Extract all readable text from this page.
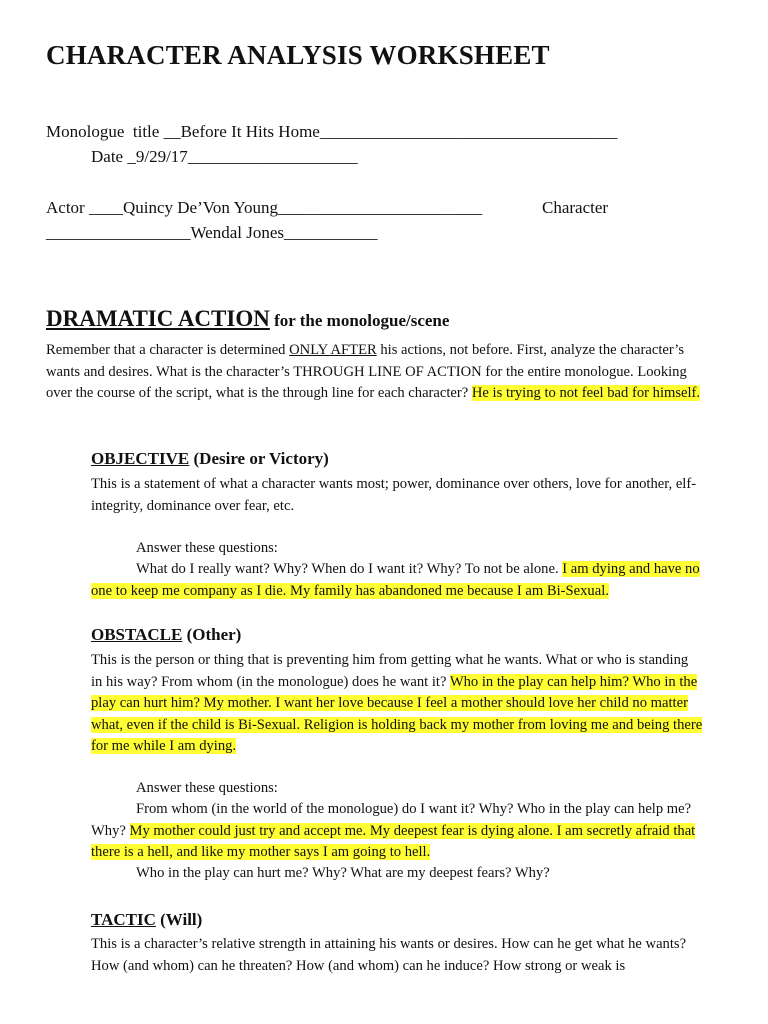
CHARACTER ANALYSIS WORKSHEET
Monologue  title __Before It Hits Home___________________________________
Date _9/29/17____________________
Actor ____Quincy De’Von Young________________________	Character
_________________Wendal Jones___________
DRAMATIC ACTION for the monologue/scene
Remember that a character is determined ONLY AFTER his actions, not before. First, analyze the character’s wants and desires. What is the character’s THROUGH LINE OF ACTION for the entire monologue. Looking over the course of the script, what is the through line for each character? He is trying to not feel bad for himself.
OBJECTIVE (Desire or Victory)
This is a statement of what a character wants most; power, dominance over others, love for another, elf-integrity, dominance over fear, etc.
Answer these questions:
What do I really want? Why? When do I want it? Why? To not be alone. I am dying and have no one to keep me company as I die. My family has abandoned me because I am Bi-Sexual.
OBSTACLE (Other)
This is the person or thing that is preventing him from getting what he wants. What or who is standing in his way? From whom (in the monologue) does he want it? Who in the play can help him? Who in the play can hurt him? My mother. I want her love because I feel a mother should love her child no matter what, even if the child is Bi-Sexual. Religion is holding back my mother from loving me and being there for me while I am dying.
Answer these questions:
From whom (in the world of the monologue) do I want it? Why? Who in the play can help me? Why? My mother could just try and accept me. My deepest fear is dying alone. I am secretly afraid that there is a hell, and like my mother says I am going to hell.
Who in the play can hurt me? Why? What are my deepest fears? Why?
TACTIC (Will)
This is a character’s relative strength in attaining his wants or desires. How can he get what he wants? How (and whom) can he threaten? How (and whom) can he induce? How strong or weak is
